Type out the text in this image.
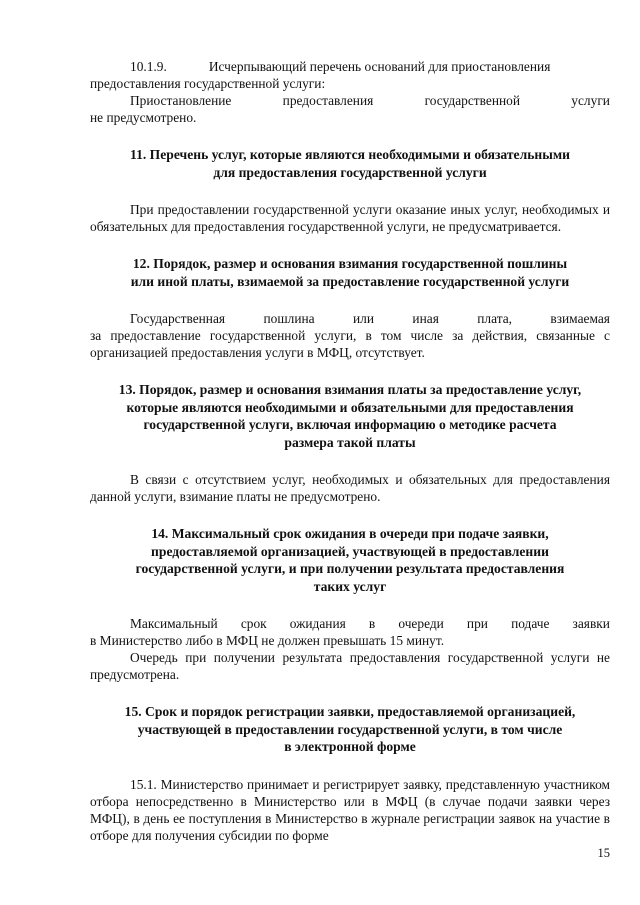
10.1.9.	Исчерпывающий перечень оснований для приостановления

предоставления государственной услуги:

Приостановление	предоставления	государственной	услуги

не предусмотрено.

11. Перечень услуг, которые являются необходимыми и обязательными
для предоставления государственной услуги

При предоставлении государственной услуги оказание иных услуг, необходимых и обязательных для предоставления государственной услуги, не предусматривается.

12. Порядок, размер и основания взимания государственной пошлины
или иной платы, взимаемой за предоставление государственной услуги
Государственная	пошлина	или	иная	плата,	взимаемая

за предоставление государственной услуги, в том числе за действия, связанные с организацией предоставления услуги в МФЦ, отсутствует.

13. Порядок, размер и основания взимания платы за предоставление услуг,
которые являются необходимыми и обязательными для предоставления
государственной услуги, включая информацию о методике расчета
размера такой платы

В связи с отсутствием услуг, необходимых и обязательных для предоставления данной услуги, взимание платы не предусмотрено.

14. Максимальный срок ожидания в очереди при подаче заявки,
предоставляемой организацией, участвующей в предоставлении
государственной услуги, и при получении результата предоставления
таких услуг
Максимальный срок ожидания в очереди при подаче заявки

в Министерство либо в МФЦ не должен превышать 15 минут.

Очередь при получении результата предоставления государственной услуги не предусмотрена.

15. Срок и порядок регистрации заявки, предоставляемой организацией,
участвующей в предоставлении государственной услуги, в том числе
в электронной форме

15.1. Министерство принимает и регистрирует заявку, представленную участником отбора непосредственно в Министерство или в МФЦ (в случае подачи заявки через МФЦ), в день ее поступления в Министерство в журнале регистрации заявок на участие в отборе для получения субсидии по форме

15
